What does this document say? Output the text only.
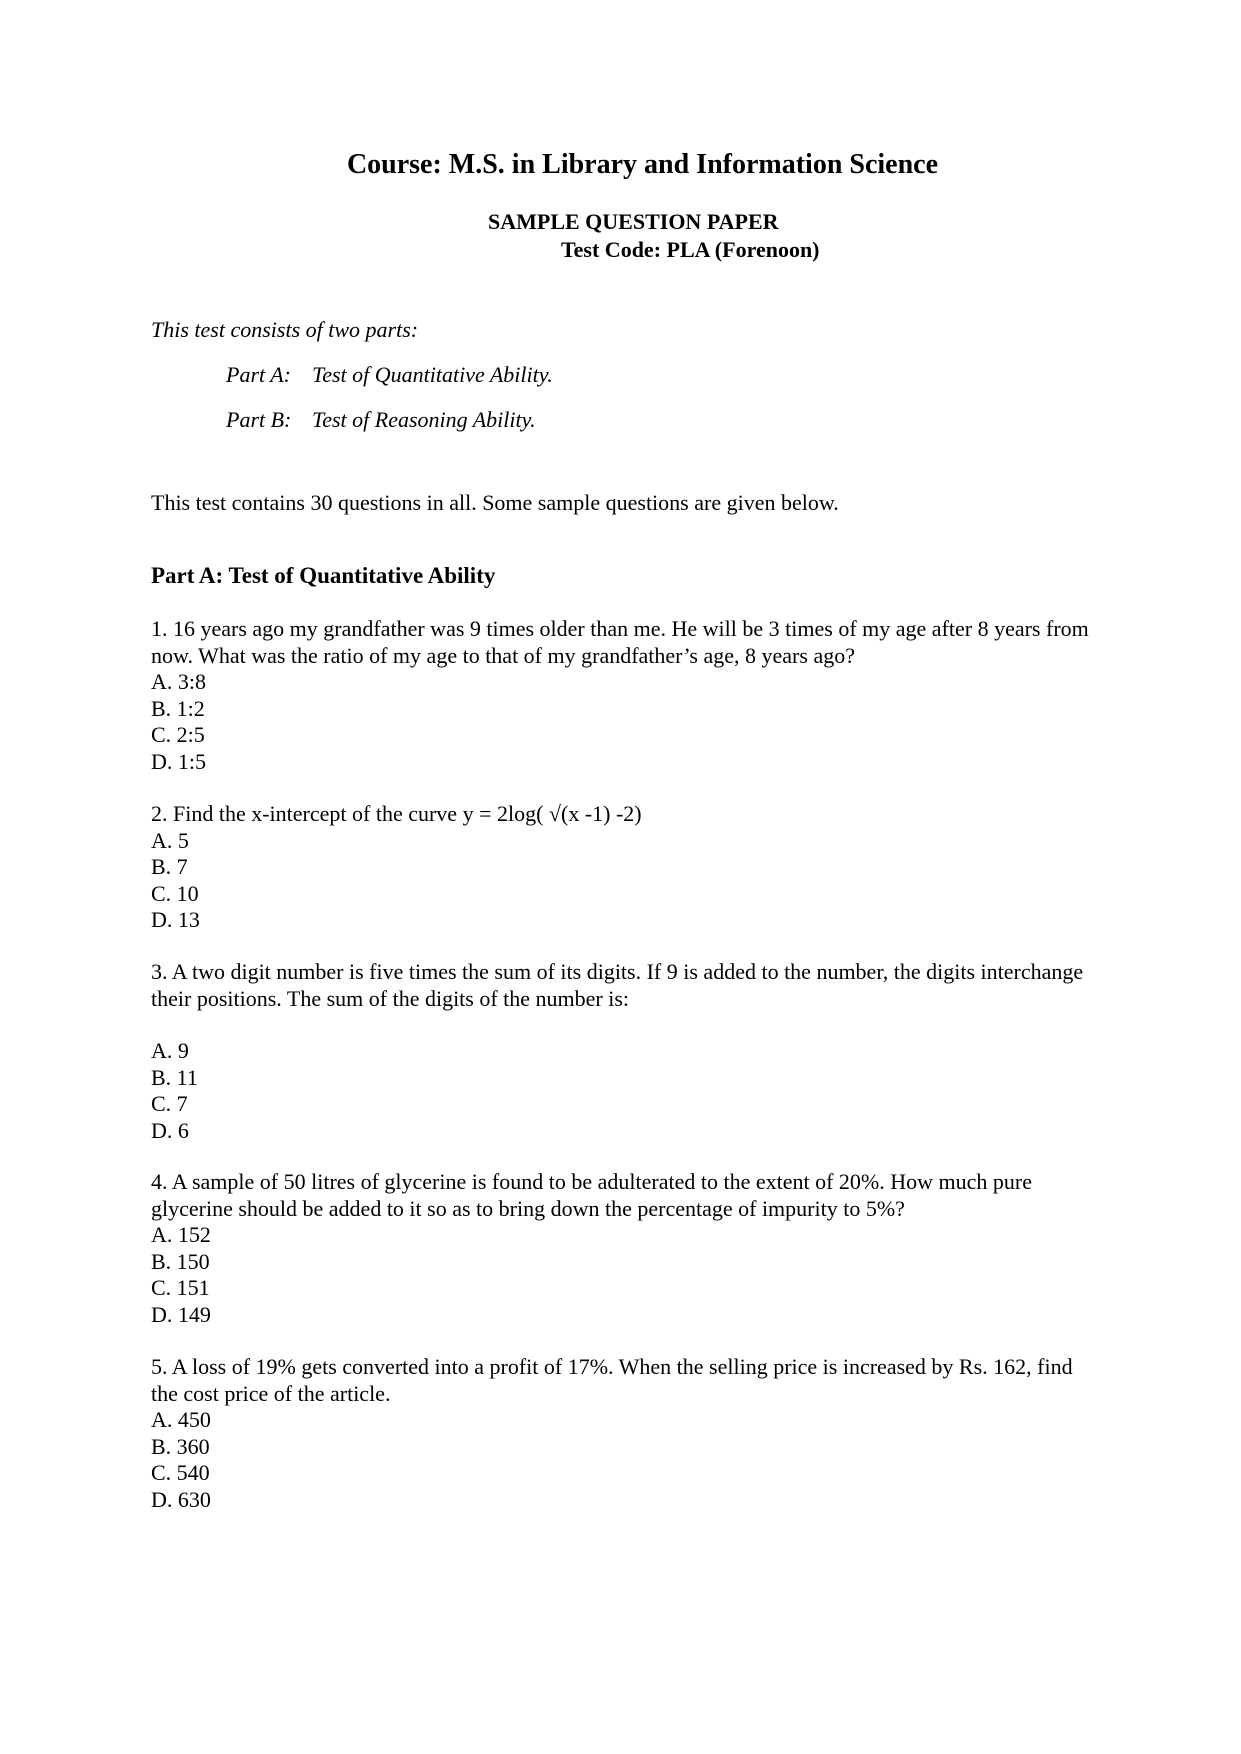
Course: M.S. in Library and Information Science
SAMPLE QUESTION PAPER
Test Code: PLA (Forenoon)
This test consists of two parts:
Part A: Test of Quantitative Ability.
Part B: Test of Reasoning Ability.
This test contains 30 questions in all. Some sample questions are given below.
Part A: Test of Quantitative Ability

1. 16 years ago my grandfather was 9 times older than me. He will be 3 times of my age after 8 years from now. What was the ratio of my age to that of my grandfather’s age, 8 years ago?

A. 3:8

B. 1:2

C. 2:5

D. 1:5

2. Find the x-intercept of the curve y = 2log( √(x -1) -2)

A. 5

B. 7

C. 10

D. 13

3. A two digit number is five times the sum of its digits. If 9 is added to the number, the digits interchange their positions. The sum of the digits of the number is:

A. 9

B. 11

C. 7

D. 6

4. A sample of 50 litres of glycerine is found to be adulterated to the extent of 20%. How much pure glycerine should be added to it so as to bring down the percentage of impurity to 5%?

A. 152

B. 150

C. 151

D. 149

5. A loss of 19% gets converted into a profit of 17%. When the selling price is increased by Rs. 162, find the cost price of the article.

A. 450

B. 360

C. 540

D. 630
